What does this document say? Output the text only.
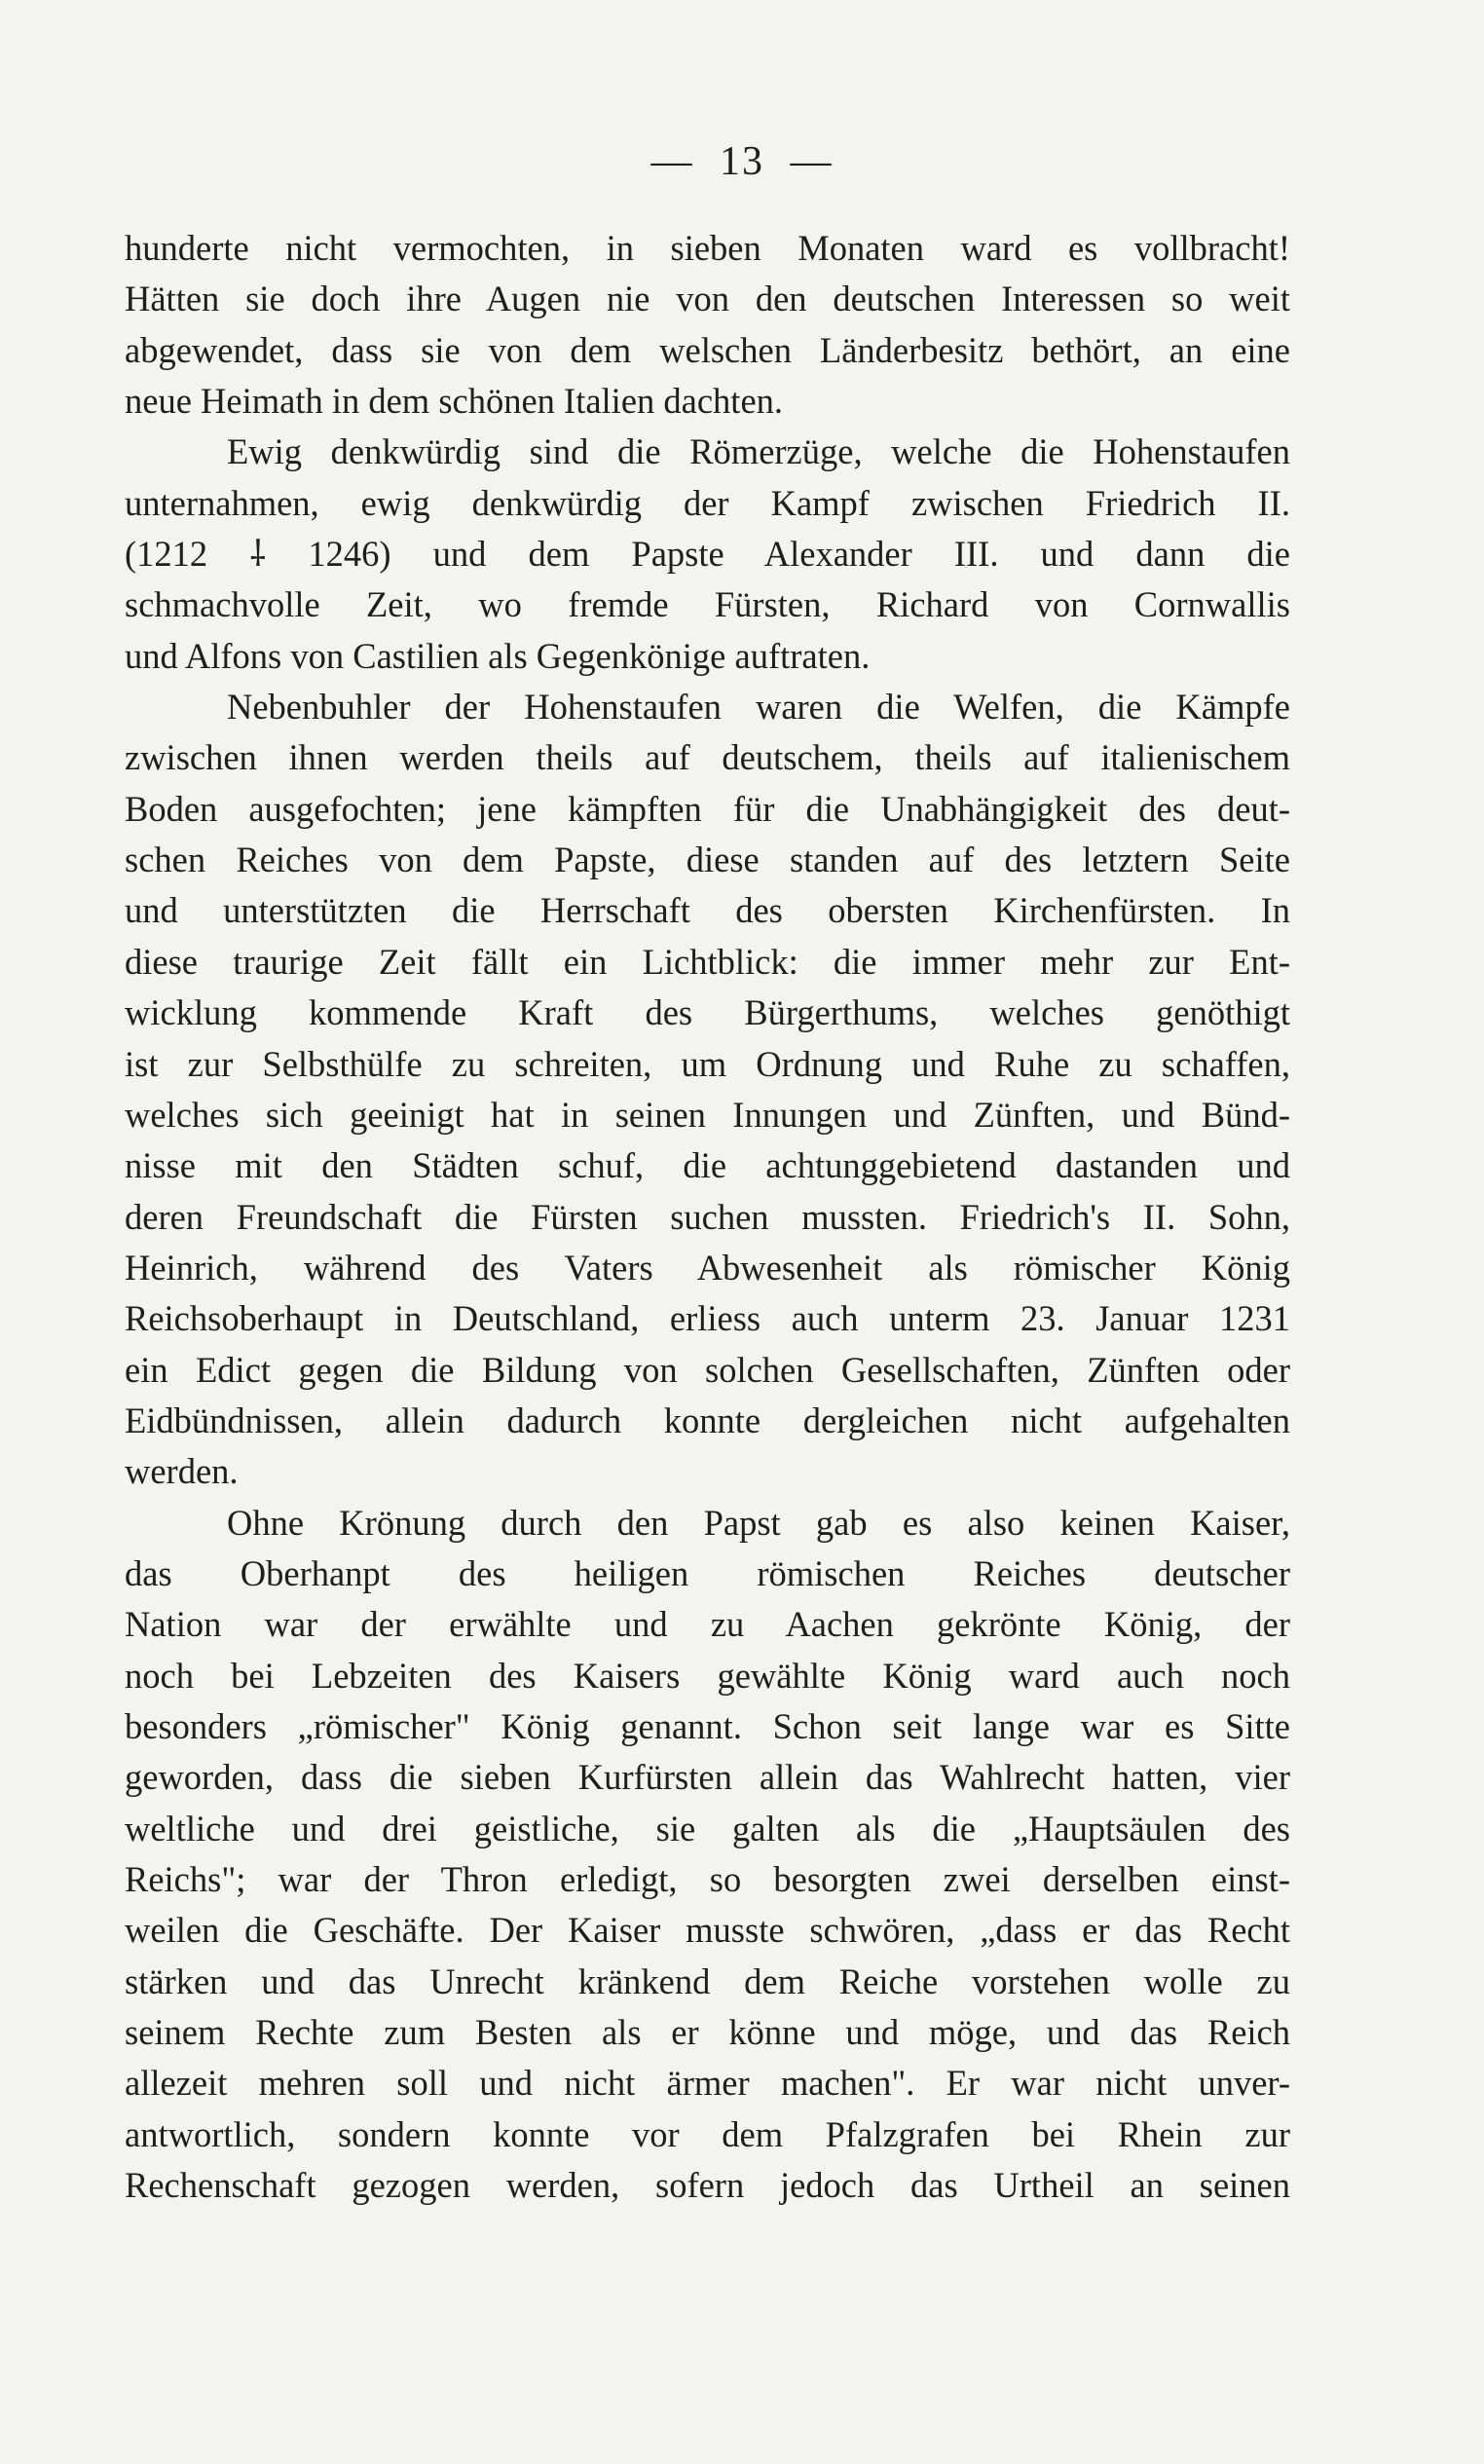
— 13 —
hunderte nicht vermochten, in sieben Monaten ward es vollbracht!
Hätten sie doch ihre Augen nie von den deutschen Interessen so weit
abgewendet, dass sie von dem welschen Länderbesitz bethört, an eine
neue Heimath in dem schönen Italien dachten.
Ewig denkwürdig sind die Römerzüge, welche die Hohenstaufen
unternahmen, ewig denkwürdig der Kampf zwischen Friedrich II.
(1212 ⸸ 1246) und dem Papste Alexander III. und dann die
schmachvolle Zeit, wo fremde Fürsten, Richard von Cornwallis
und Alfons von Castilien als Gegenkönige auftraten.
Nebenbuhler der Hohenstaufen waren die Welfen, die Kämpfe
zwischen ihnen werden theils auf deutschem, theils auf italienischem
Boden ausgefochten; jene kämpften für die Unabhängigkeit des deut-
schen Reiches von dem Papste, diese standen auf des letztern Seite
und unterstützten die Herrschaft des obersten Kirchenfürsten. In
diese traurige Zeit fällt ein Lichtblick: die immer mehr zur Ent-
wicklung kommende Kraft des Bürgerthums, welches genöthigt
ist zur Selbsthülfe zu schreiten, um Ordnung und Ruhe zu schaffen,
welches sich geeinigt hat in seinen Innungen und Zünften, und Bünd-
nisse mit den Städten schuf, die achtunggebietend dastanden und
deren Freundschaft die Fürsten suchen mussten. Friedrich's II. Sohn,
Heinrich, während des Vaters Abwesenheit als römischer König
Reichsoberhaupt in Deutschland, erliess auch unterm 23. Januar 1231
ein Edict gegen die Bildung von solchen Gesellschaften, Zünften oder
Eidbündnissen, allein dadurch konnte dergleichen nicht aufgehalten
werden.
Ohne Krönung durch den Papst gab es also keinen Kaiser,
das Oberhanpt des heiligen römischen Reiches deutscher
Nation war der erwählte und zu Aachen gekrönte König, der
noch bei Lebzeiten des Kaisers gewählte König ward auch noch
besonders „römischer" König genannt. Schon seit lange war es Sitte
geworden, dass die sieben Kurfürsten allein das Wahlrecht hatten, vier
weltliche und drei geistliche, sie galten als die „Hauptsäulen des
Reichs"; war der Thron erledigt, so besorgten zwei derselben einst-
weilen die Geschäfte. Der Kaiser musste schwören, „dass er das Recht
stärken und das Unrecht kränkend dem Reiche vorstehen wolle zu
seinem Rechte zum Besten als er könne und möge, und das Reich
allezeit mehren soll und nicht ärmer machen". Er war nicht unver-
antwortlich, sondern konnte vor dem Pfalzgrafen bei Rhein zur
Rechenschaft gezogen werden, sofern jedoch das Urtheil an seinen
